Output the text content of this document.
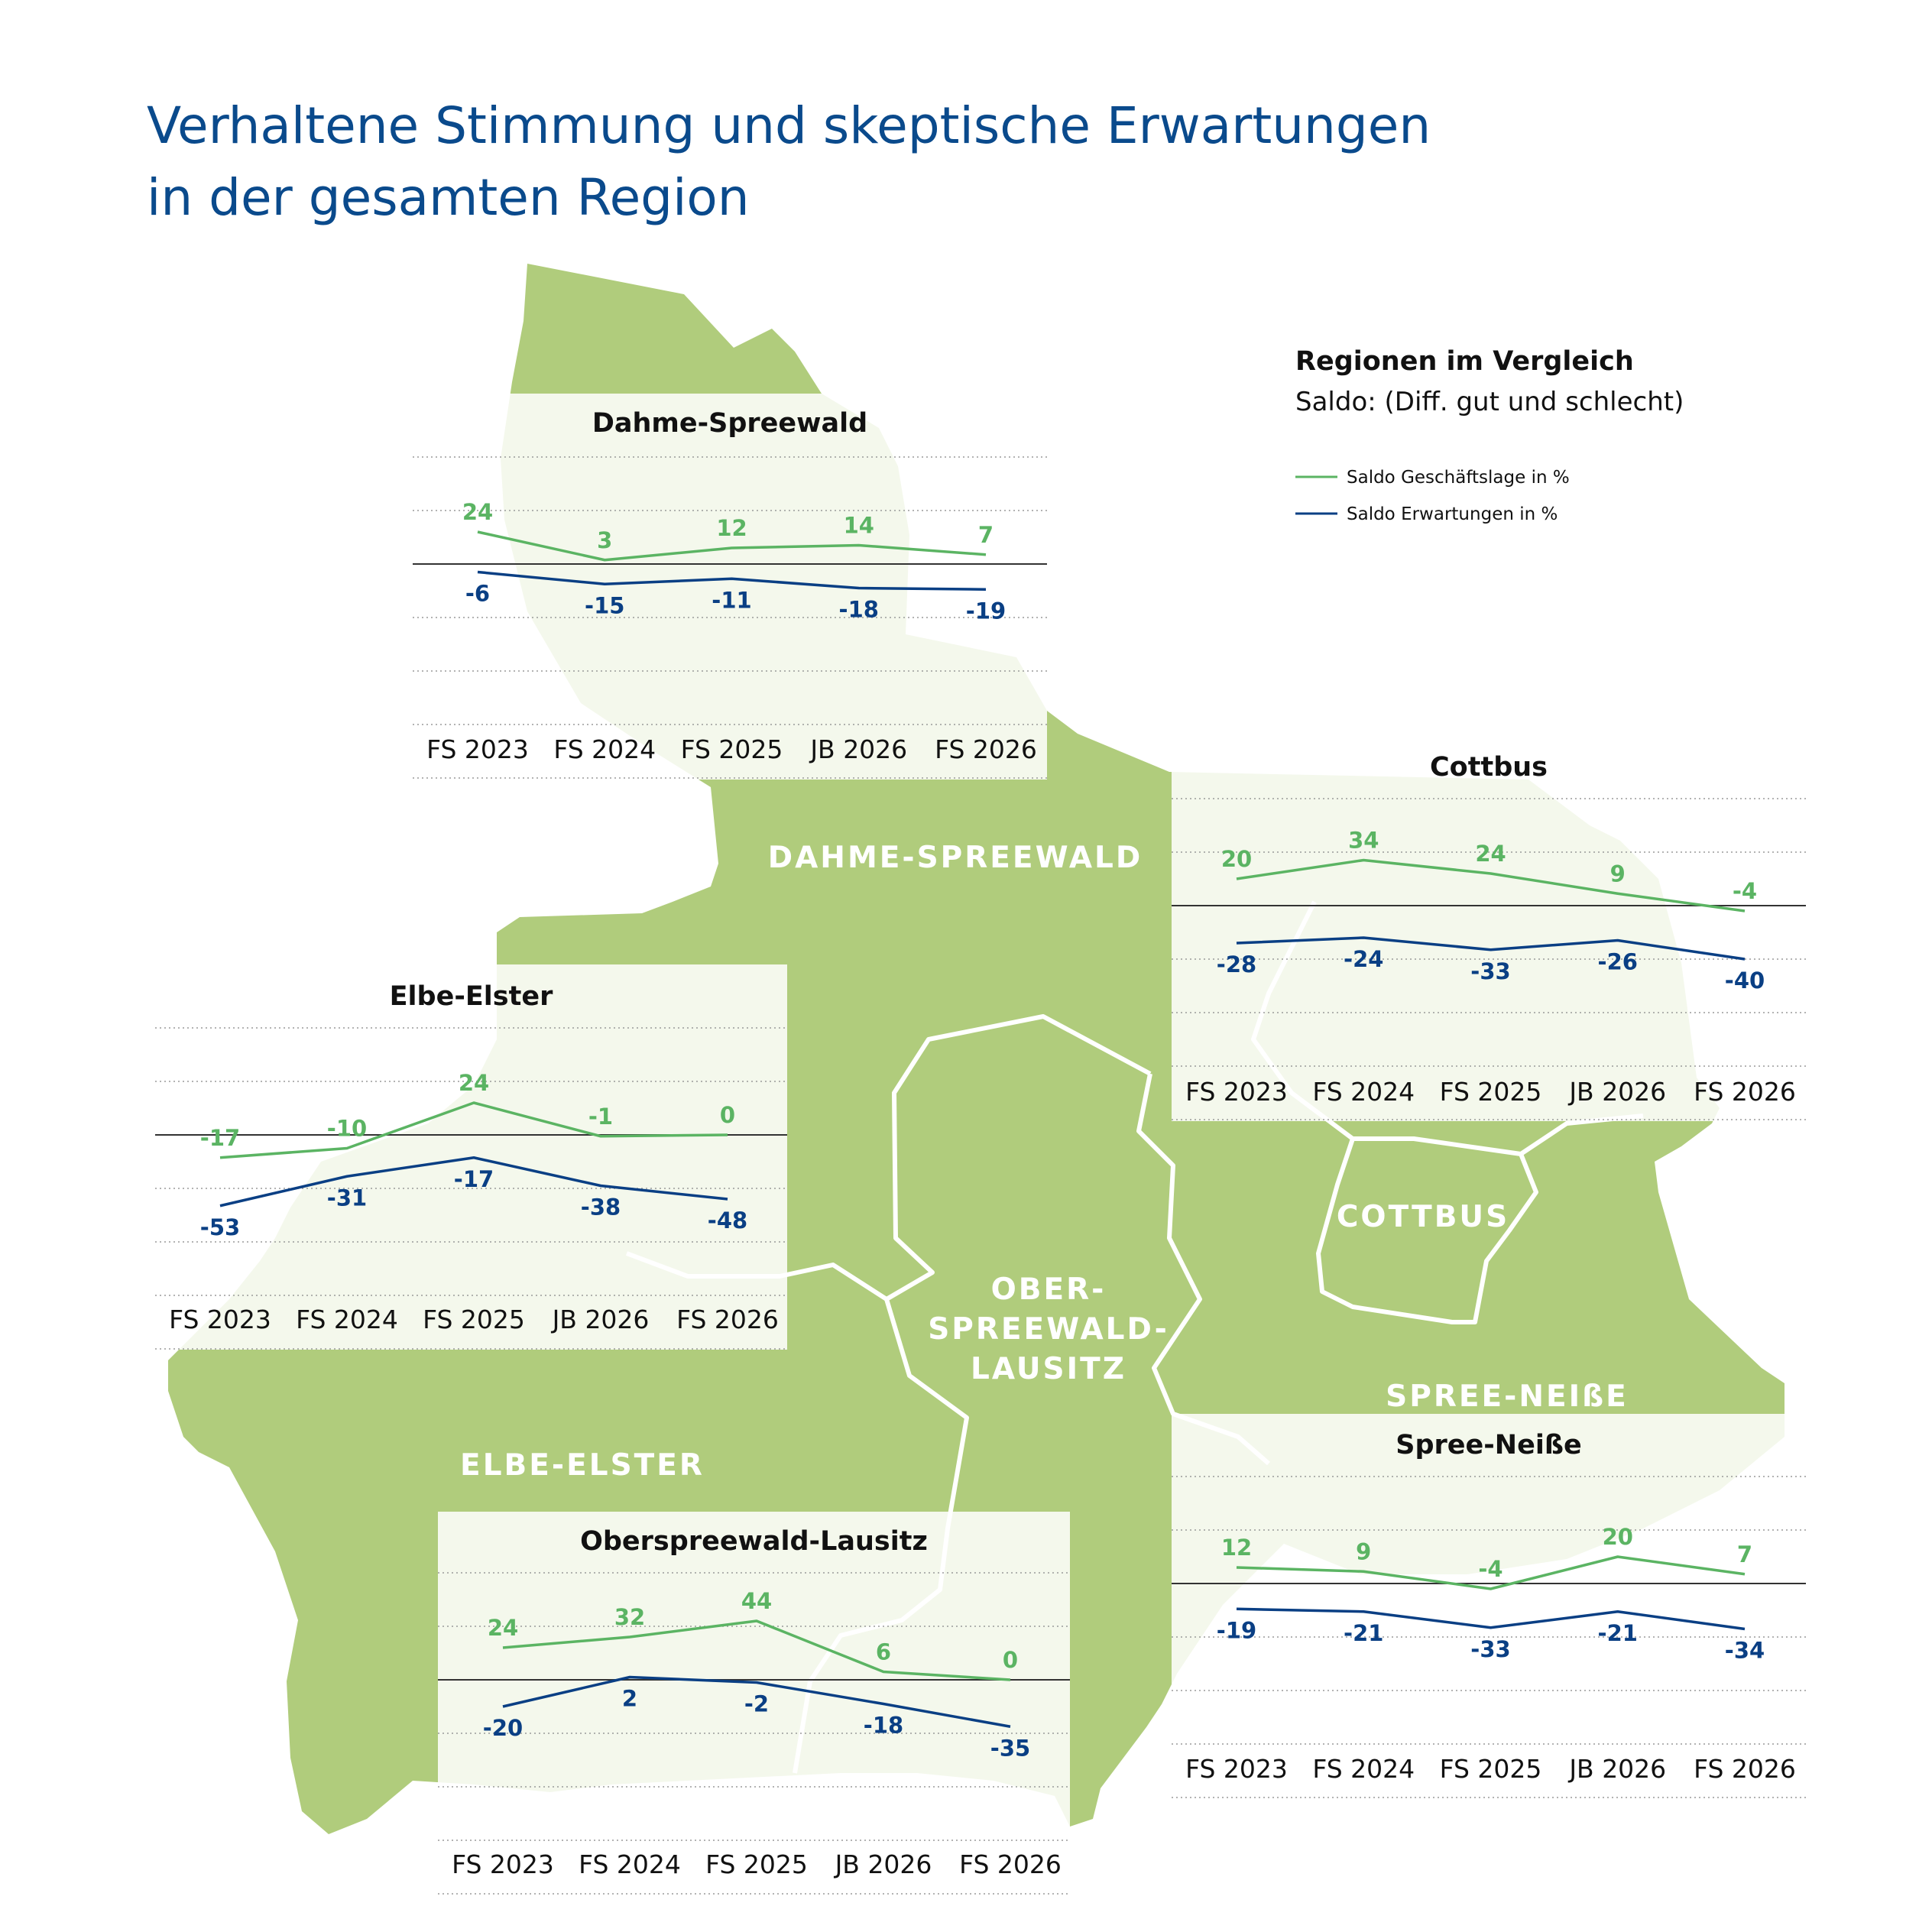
Verhaltene Stimmung und skeptische Erwartungen
in der gesamten Region
Dahme-Spreewald
FS 2023 FS 2024 FS 2025 JB 2026 FS 2026
24
3	12	14	7
-6	-15	-11	-18	-19
Cottbus
FS 2023 FS 2024 FS 2025 JB 2026 FS 2026
20
34
24
9
-4
-28	-24	-33	-26
-40
Elbe-Elster
FS 2023 FS 2024 FS 2025 JB 2026 FS 2026
-17	-10
24
-1	0
-53
-31
-17
-38
-48
Oberspreewald-Lausitz
FS 2023 FS 2024 FS 2025 JB 2026 FS 2026
24	32
44
6	0
-20
2	-2
-18
-35
Spree-Neiße
FS 2023 FS 2024 FS 2025 JB 2026 FS 2026
12	9
-4
20
7
-19	-21
-33
-21
-34
DAHME-SPREEWALD
COTTBUS
OBER-
SPREEWALD-
LAUSITZ
ELBE-ELSTER
SPREE-NEIßE
Regionen im Vergleich
Saldo: (Diff. gut und schlecht)
Saldo Geschäftslage in %
Saldo Erwartungen in %
